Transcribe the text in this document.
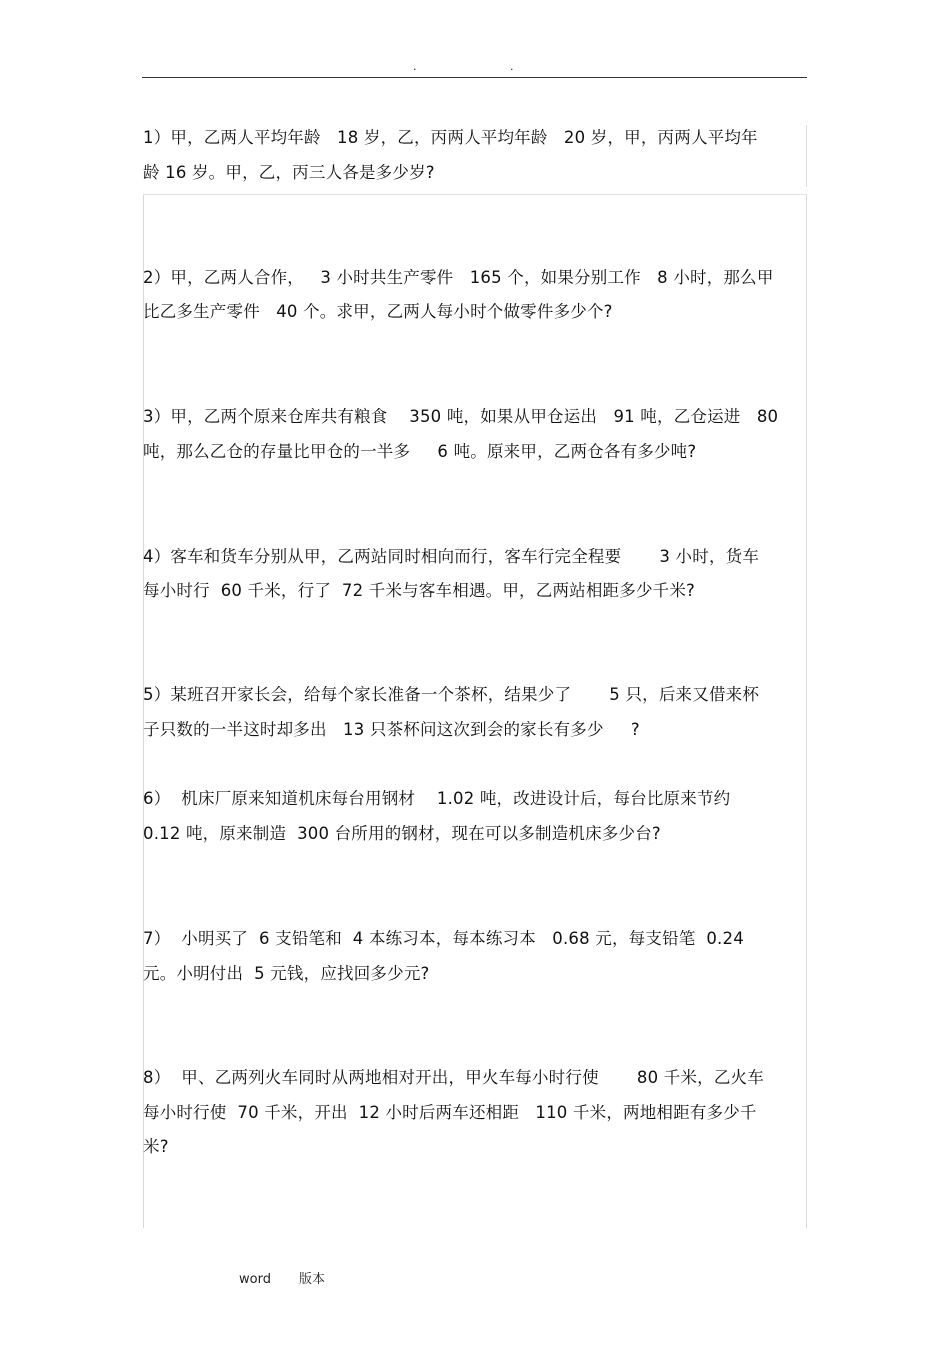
.	.
1）甲，乙两人平均年龄   18 岁，乙，丙两人平均年龄   20 岁，甲，丙两人平均年
龄 16 岁。甲，乙，丙三人各是多少岁?
2）甲，乙两人合作，   3 小时共生产零件   165 个，如果分别工作   8 小时，那么甲
比乙多生产零件   40 个。求甲，乙两人每小时个做零件多少个?
3）甲，乙两个原来仓库共有粮食    350 吨，如果从甲仓运出   91 吨，乙仓运进   80
吨，那么乙仓的存量比甲仓的一半多     6 吨。原来甲，乙两仓各有多少吨?
4）客车和货车分别从甲，乙两站同时相向而行，客车行完全程要       3 小时，货车
每小时行  60 千米，行了  72 千米与客车相遇。甲，乙两站相距多少千米?
5）某班召开家长会，给每个家长准备一个茶杯，结果少了       5 只，后来又借来杯
子只数的一半这时却多出   13 只茶杯问这次到会的家长有多少     ?
6）  机床厂原来知道机床每台用钢材    1.02 吨，改进设计后，每台比原来节约
0.12 吨，原来制造  300 台所用的钢材，现在可以多制造机床多少台?
7）  小明买了  6 支铅笔和  4 本练习本，每本练习本   0.68 元，每支铅笔  0.24
元。小明付出  5 元钱，应找回多少元?
8）  甲、乙两列火车同时从两地相对开出，甲火车每小时行使       80 千米，乙火车
每小时行使  70 千米，开出  12 小时后两车还相距   110 千米，两地相距有多少千
米?
word 版本
